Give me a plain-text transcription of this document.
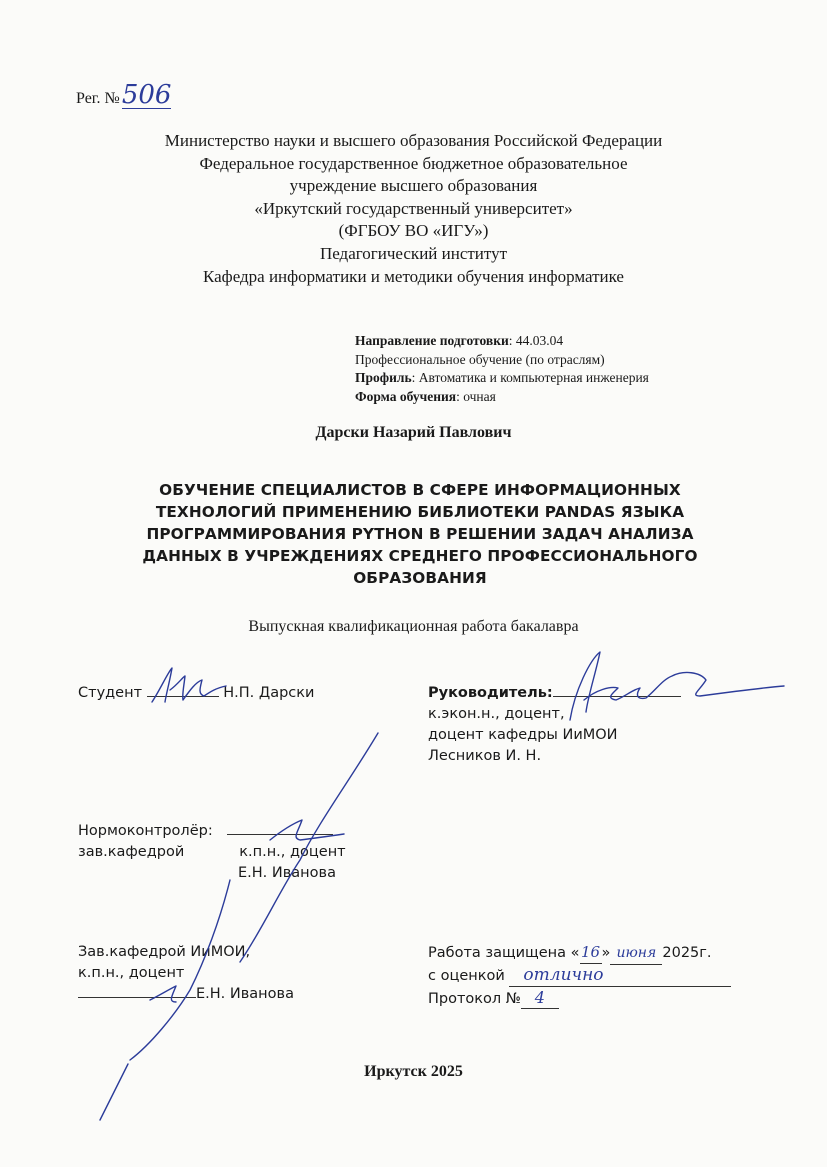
Рег. № 506
Министерство науки и высшего образования Российской Федерации
Федеральное государственное бюджетное образовательное
учреждение высшего образования
«Иркутский государственный университет»
(ФГБОУ ВО «ИГУ»)
Педагогический институт
Кафедра информатики и методики обучения информатике
Направление подготовки: 44.03.04
Профессиональное обучение (по отраслям)
Профиль: Автоматика и компьютерная инженерия
Форма обучения: очная
Дарски Назарий Павлович
ОБУЧЕНИЕ СПЕЦИАЛИСТОВ В СФЕРЕ ИНФОРМАЦИОННЫХ
ТЕХНОЛОГИЙ ПРИМЕНЕНИЮ БИБЛИОТЕКИ PANDAS ЯЗЫКА
ПРОГРАММИРОВАНИЯ PYTHON В РЕШЕНИИ ЗАДАЧ АНАЛИЗА
ДАННЫХ В УЧРЕЖДЕНИЯХ СРЕДНЕГО ПРОФЕССИОНАЛЬНОГО
ОБРАЗОВАНИЯ
Выпускная квалификационная работа бакалавра
Студент	Н.П. Дарски	Руководитель:
к.экон.н., доцент,
доцент кафедры ИиМОИ
Лесников И. Н.
Нормоконтролёр:
зав.кафедрой	к.п.н., доцент
Е.Н. Иванова
Зав.кафедрой ИиМОИ,
к.п.н., доцент
Е.Н. Иванова
Работа защищена «16» июня 2025г.
с оценкой отлично
Протокол № 4
Иркутск 2025
